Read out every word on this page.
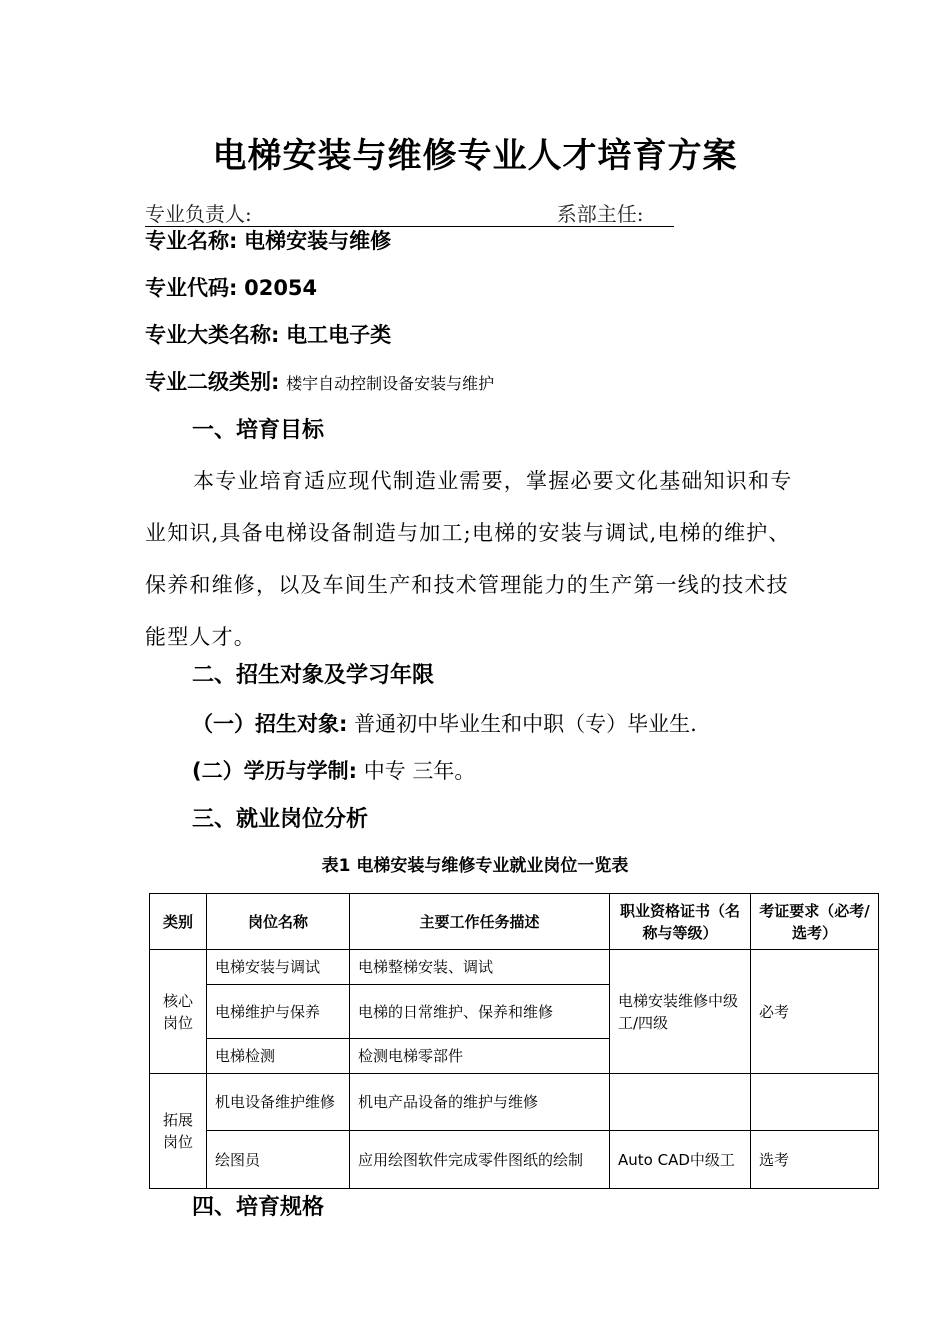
电梯安装与维修专业人才培育方案
专业负责人:	系部主任:
专业名称: 电梯安装与维修
专业代码: 02054
专业大类名称: 电工电子类
专业二级类别: 楼宇自动控制设备安装与维护
一、培育目标
本专业培育适应现代制造业需要，掌握必要文化基础知识和专业知识,具备电梯设备制造与加工;电梯的安装与调试,电梯的维护、保养和维修，以及车间生产和技术管理能力的生产第一线的技术技能型人才。
二、招生对象及学习年限
（一）招生对象: 普通初中毕业生和中职（专）毕业生.
(二）学历与学制: 中专 三年。
三、就业岗位分析
表1 电梯安装与维修专业就业岗位一览表
类别	岗位名称	主要工作任务描述	职业资格证书（名称与等级）	考证要求（必考/选考）
核心岗位	电梯安装与调试	电梯整梯安装、调试	电梯安装维修中级工/四级	必考
	电梯维护与保养	电梯的日常维护、保养和维修		
	电梯检测	检测电梯零部件		
拓展岗位	机电设备维护维修	机电产品设备的维护与维修		
	绘图员	应用绘图软件完成零件图纸的绘制	Auto CAD中级工	选考
四、培育规格
